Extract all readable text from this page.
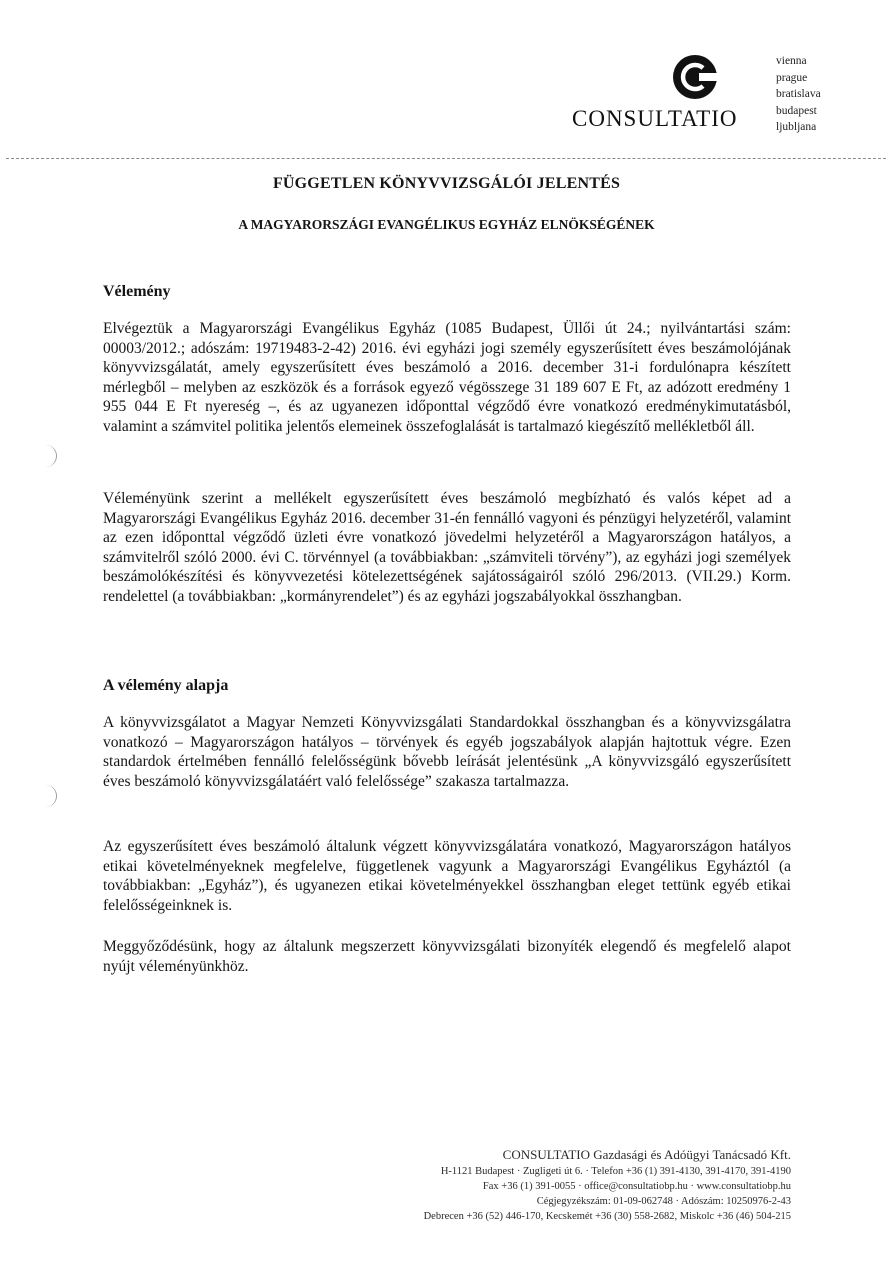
CONSULTATIO
vienna
prague
bratislava
budapest
ljubljana
FÜGGETLEN KÖNYVVIZSGÁLÓI JELENTÉS
A MAGYARORSZÁGI EVANGÉLIKUS EGYHÁZ ELNÖKSÉGÉNEK
Vélemény

Elvégeztük a Magyarországi Evangélikus Egyház (1085 Budapest, Üllői út 24.; nyilvántartási szám: 00003/2012.; adószám: 19719483-2-42) 2016. évi egyházi jogi személy egyszerűsített éves beszámolójának könyvvizsgálatát, amely egyszerűsített éves beszámoló a 2016. december 31-i fordulónapra készített mérlegből – melyben az eszközök és a források egyező végösszege 31 189 607 E Ft, az adózott eredmény 1 955 044 E Ft nyereség –, és az ugyanezen időponttal végződő évre vonatkozó eredménykimutatásból, valamint a számvitel politika jelentős elemeinek összefoglalását is tartalmazó kiegészítő mellékletből áll.

Véleményünk szerint a mellékelt egyszerűsített éves beszámoló megbízható és valós képet ad a Magyarországi Evangélikus Egyház 2016. december 31-én fennálló vagyoni és pénzügyi helyzetéről, valamint az ezen időponttal végződő üzleti évre vonatkozó jövedelmi helyzetéről a Magyarországon hatályos, a számvitelről szóló 2000. évi C. törvénnyel (a továbbiakban: „számviteli törvény”), az egyházi jogi személyek beszámolókészítési és könyvvezetési kötelezettségének sajátosságairól szóló 296/2013. (VII.29.) Korm. rendelettel (a továbbiakban: „kormányrendelet”) és az egyházi jogszabályokkal összhangban.

A vélemény alapja

A könyvvizsgálatot a Magyar Nemzeti Könyvvizsgálati Standardokkal összhangban és a könyvvizsgálatra vonatkozó – Magyarországon hatályos – törvények és egyéb jogszabályok alapján hajtottuk végre. Ezen standardok értelmében fennálló felelősségünk bővebb leírását jelentésünk „A könyvvizsgáló egyszerűsített éves beszámoló könyvvizsgálatáért való felelőssége” szakasza tartalmazza.

Az egyszerűsített éves beszámoló általunk végzett könyvvizsgálatára vonatkozó, Magyarországon hatályos etikai követelményeknek megfelelve, függetlenek vagyunk a Magyarországi Evangélikus Egyháztól (a továbbiakban: „Egyház”), és ugyanezen etikai követelményekkel összhangban eleget tettünk egyéb etikai felelősségeinknek is.

Meggyőződésünk, hogy az általunk megszerzett könyvvizsgálati bizonyíték elegendő és megfelelő alapot nyújt véleményünkhöz.

CONSULTATIO Gazdasági és Adóügyi Tanácsadó Kft.
H-1121 Budapest · Zugligeti út 6. · Telefon +36 (1) 391-4130, 391-4170, 391-4190
Fax +36 (1) 391-0055 · office@consultatiobp.hu · www.consultatiobp.hu
Cégjegyzékszám: 01-09-062748 · Adószám: 10250976-2-43
Debrecen +36 (52) 446-170, Kecskemét +36 (30) 558-2682, Miskolc +36 (46) 504-215
